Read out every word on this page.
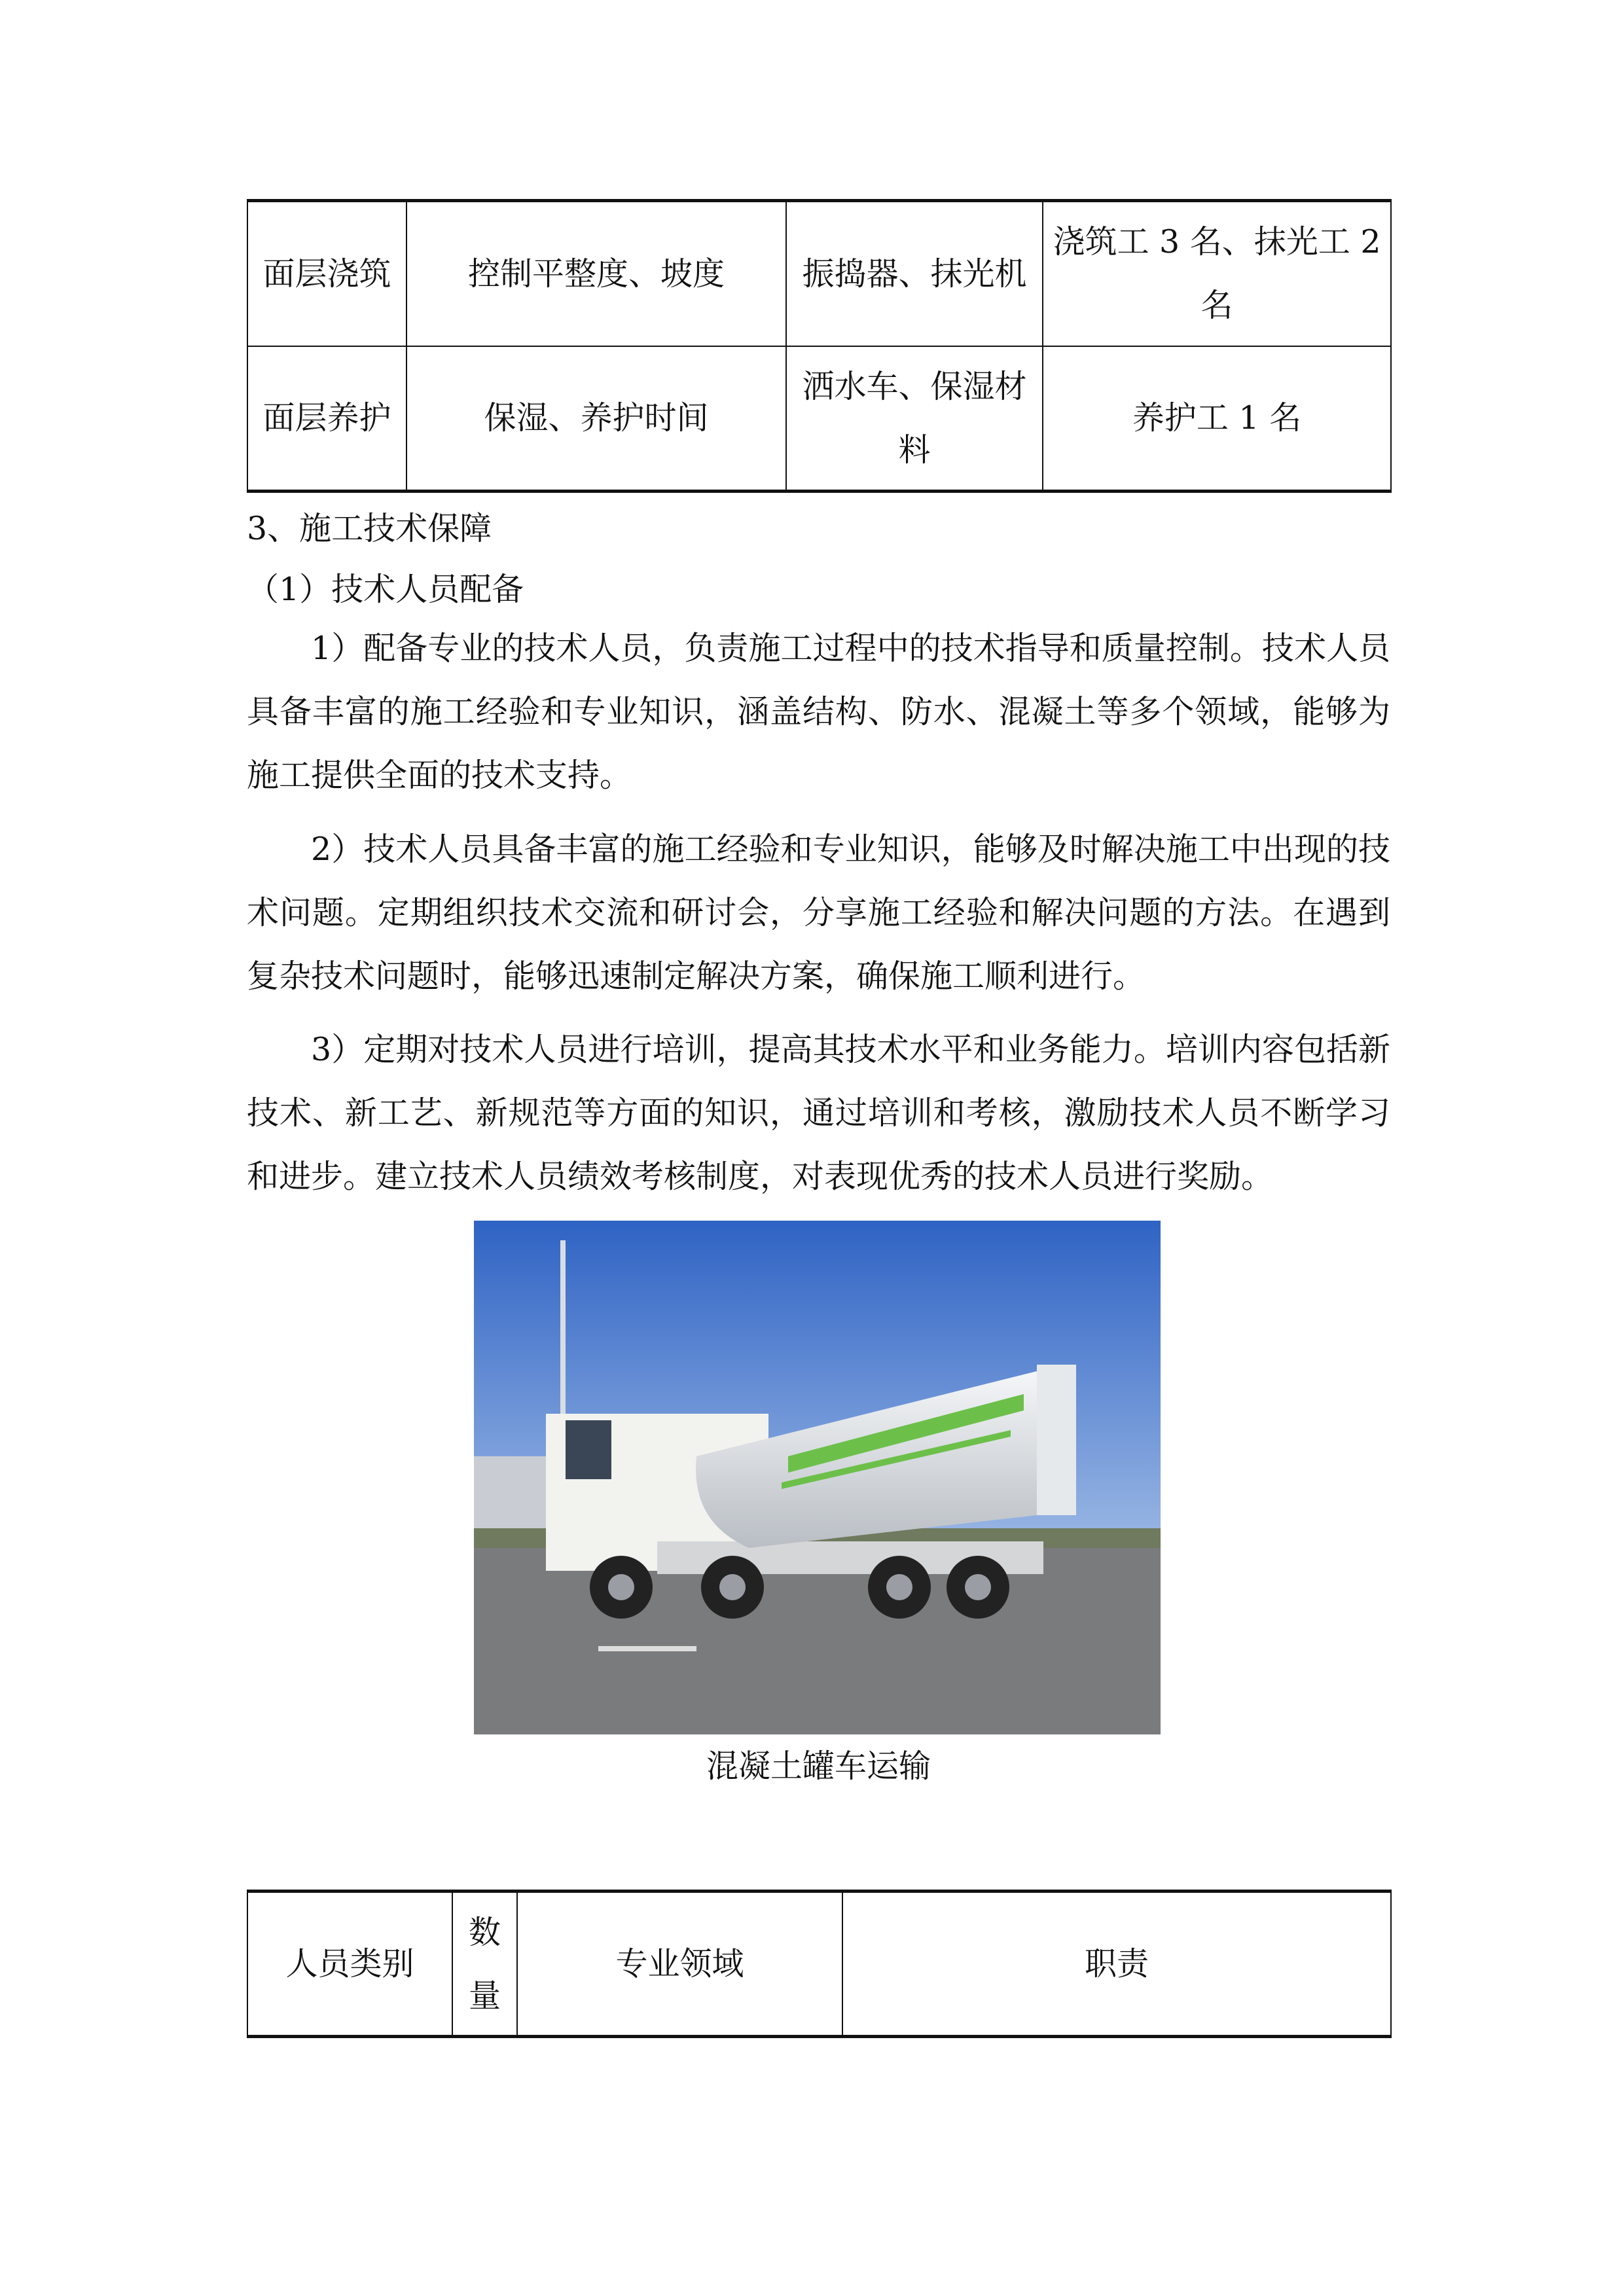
面层浇筑	控制平整度、坡度	振捣器、抹光机	浇筑工 3 名、抹光工 2 名
面层养护	保湿、养护时间	洒水车、保湿材料	养护工 1 名
3、施工技术保障
（1）技术人员配备
1）配备专业的技术人员，负责施工过程中的技术指导和质量控制。技术人员具备丰富的施工经验和专业知识，涵盖结构、防水、混凝土等多个领域，能够为施工提供全面的技术支持。
2）技术人员具备丰富的施工经验和专业知识，能够及时解决施工中出现的技术问题。定期组织技术交流和研讨会，分享施工经验和解决问题的方法。在遇到复杂技术问题时，能够迅速制定解决方案，确保施工顺利进行。
3）定期对技术人员进行培训，提高其技术水平和业务能力。培训内容包括新技术、新工艺、新规范等方面的知识，通过培训和考核，激励技术人员不断学习和进步。建立技术人员绩效考核制度，对表现优秀的技术人员进行奖励。
混凝土罐车运输
人员类别	数量	专业领域	职责
